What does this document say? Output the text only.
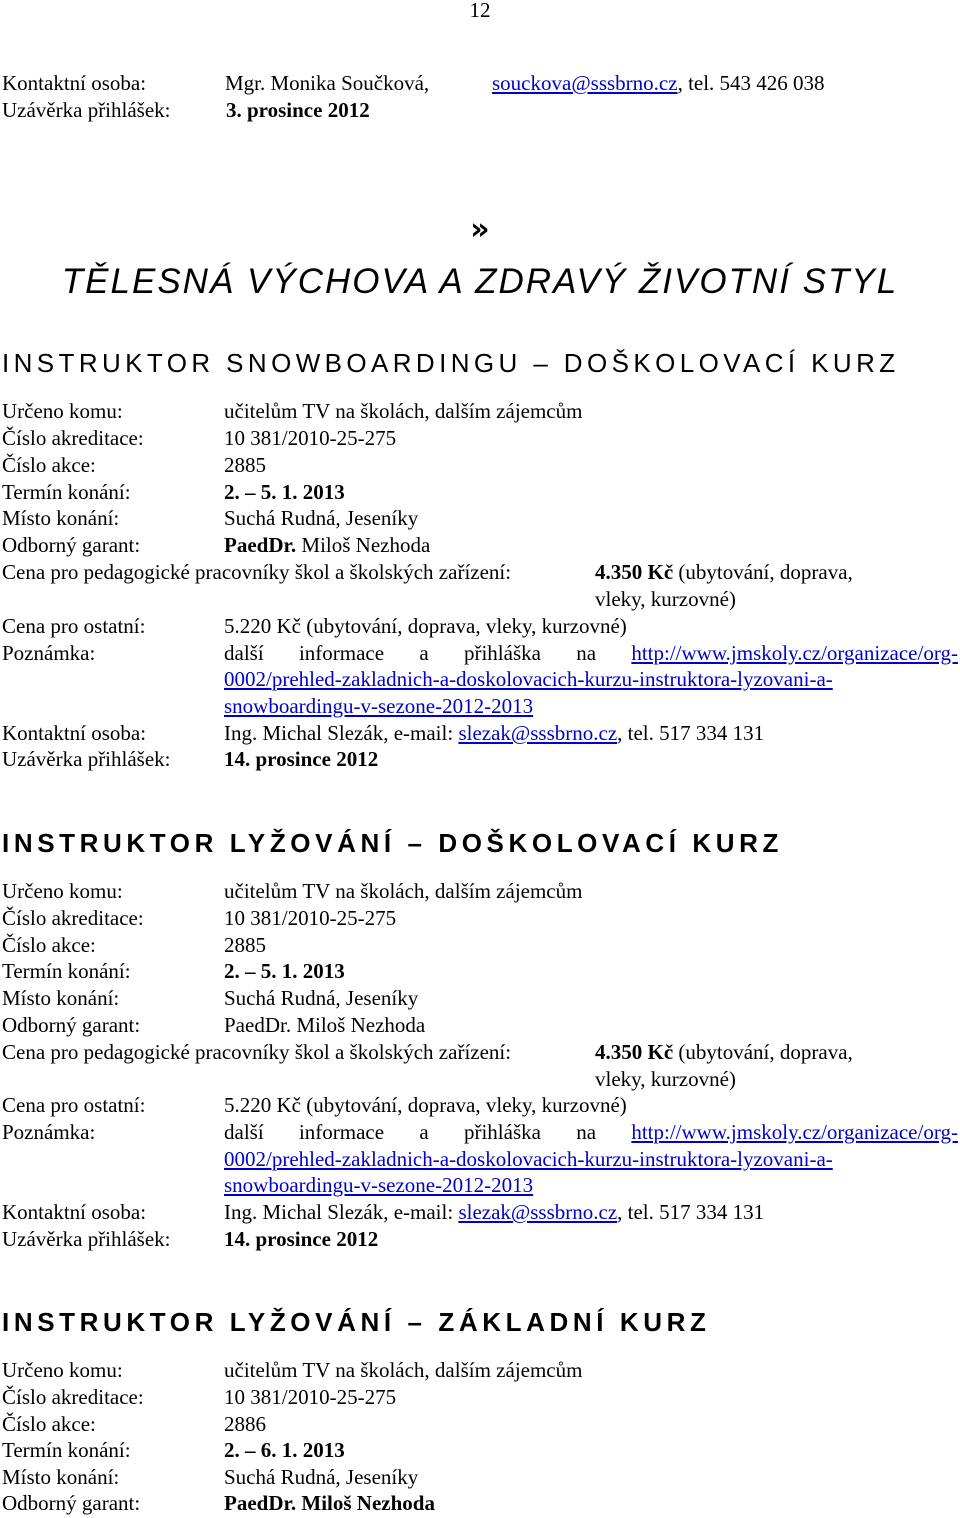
12
Kontaktní osoba:	Mgr. Monika Součková,	souckova@sssbrno.cz, tel. 543 426 038
Uzávěrka přihlášek:	3. prosince 2012
»
TĚLESNÁ VÝCHOVA A ZDRAVÝ ŽIVOTNÍ STYL
INSTRUKTOR SNOWBOARDINGU – DOŠKOLOVACÍ KURZ
Určeno komu:	učitelům TV na školách, dalším zájemcům
Číslo akreditace:	10 381/2010-25-275
Číslo akce:	2885
Termín konání:	2. – 5. 1. 2013
Místo konání:	Suchá Rudná, Jeseníky
Odborný garant:	PaedDr. Miloš Nezhoda
Cena pro pedagogické pracovníky škol a školských zařízení:	4.350 Kč (ubytování, doprava,
vleky, kurzovné)
Cena pro ostatní:	5.220 Kč (ubytování, doprava, vleky, kurzovné)
Poznámka:	další informace a přihláška na http://www.jmskoly.cz/organizace/org-
0002/prehled-zakladnich-a-doskolovacich-kurzu-instruktora-lyzovani-a-
snowboardingu-v-sezone-2012-2013
Kontaktní osoba:	Ing. Michal Slezák, e-mail: slezak@sssbrno.cz, tel. 517 334 131
Uzávěrka přihlášek:	14. prosince 2012
INSTRUKTOR LYŽOVÁNÍ – DOŠKOLOVACÍ KURZ
Určeno komu:	učitelům TV na školách, dalším zájemcům
Číslo akreditace:	10 381/2010-25-275
Číslo akce:	2885
Termín konání:	2. – 5. 1. 2013
Místo konání:	Suchá Rudná, Jeseníky
Odborný garant:	PaedDr. Miloš Nezhoda
Cena pro pedagogické pracovníky škol a školských zařízení:	4.350 Kč (ubytování, doprava,
vleky, kurzovné)
Cena pro ostatní:	5.220 Kč (ubytování, doprava, vleky, kurzovné)
Poznámka:	další informace a přihláška na http://www.jmskoly.cz/organizace/org-
0002/prehled-zakladnich-a-doskolovacich-kurzu-instruktora-lyzovani-a-
snowboardingu-v-sezone-2012-2013
Kontaktní osoba:	Ing. Michal Slezák, e-mail: slezak@sssbrno.cz, tel. 517 334 131
Uzávěrka přihlášek:	14. prosince 2012
INSTRUKTOR LYŽOVÁNÍ – ZÁKLADNÍ KURZ
Určeno komu:	učitelům TV na školách, dalším zájemcům
Číslo akreditace:	10 381/2010-25-275
Číslo akce:	2886
Termín konání:	2. – 6. 1. 2013
Místo konání:	Suchá Rudná, Jeseníky
Odborný garant:	PaedDr. Miloš Nezhoda
